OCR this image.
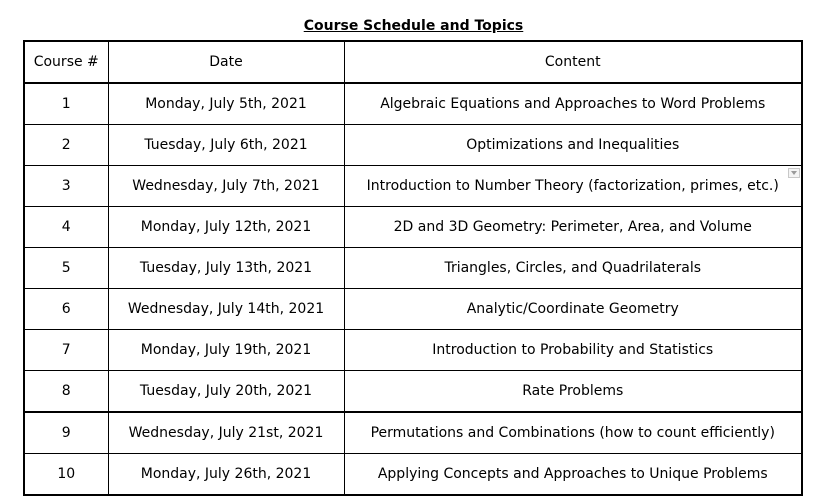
Course Schedule and Topics
Course #	Date	Content
1	Monday, July 5th, 2021	Algebraic Equations and Approaches to Word Problems
2	Tuesday, July 6th, 2021	Optimizations and Inequalities
3	Wednesday, July 7th, 2021	Introduction to Number Theory (factorization, primes, etc.)

4	Monday, July 12th, 2021	2D and 3D Geometry: Perimeter, Area, and Volume
5	Tuesday, July 13th, 2021	Triangles, Circles, and Quadrilaterals
6	Wednesday, July 14th, 2021	Analytic/Coordinate Geometry
7	Monday, July 19th, 2021	Introduction to Probability and Statistics
8	Tuesday, July 20th, 2021	Rate Problems
9	Wednesday, July 21st, 2021	Permutations and Combinations (how to count efficiently)
10	Monday, July 26th, 2021	Applying Concepts and Approaches to Unique Problems
